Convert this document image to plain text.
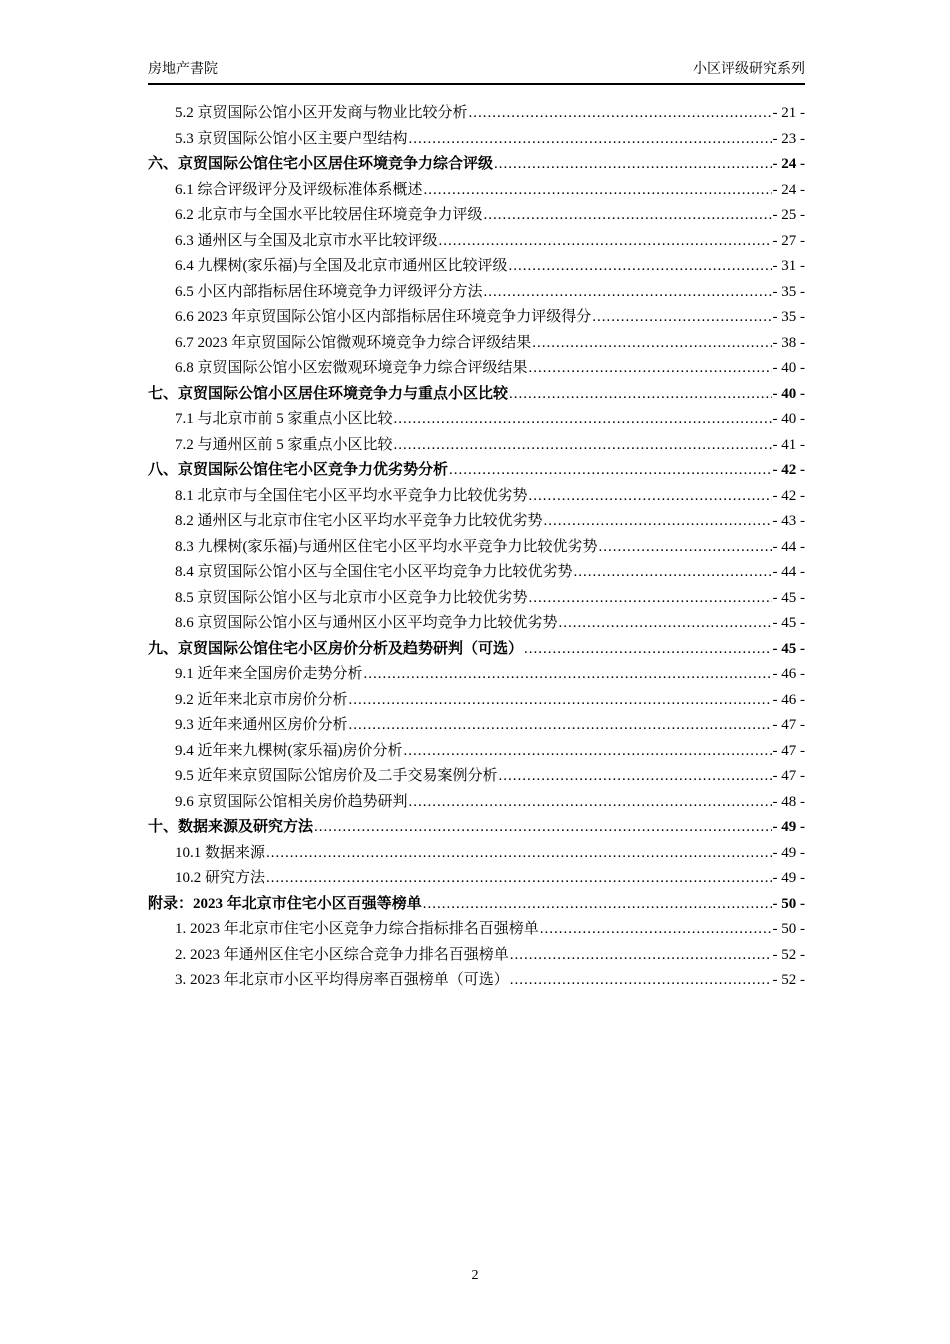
房地产書院	小区评级研究系列
5.2 京贸国际公馆小区开发商与物业比较分析 .....	- 21 -
5.3 京贸国际公馆小区主要户型结构 .....	- 23 -
六、京贸国际公馆住宅小区居住环境竞争力综合评级 .....	- 24 -
6.1 综合评级评分及评级标准体系概述 .....	- 24 -
6.2 北京市与全国水平比较居住环境竞争力评级 .....	- 25 -
6.3 通州区与全国及北京市水平比较评级 .....	- 27 -
6.4 九棵树(家乐福)与全国及北京市通州区比较评级 .....	- 31 -
6.5 小区内部指标居住环境竞争力评级评分方法 .....	- 35 -
6.6 2023 年京贸国际公馆小区内部指标居住环境竞争力评级得分 .....	- 35 -
6.7 2023 年京贸国际公馆微观环境竞争力综合评级结果 .....	- 38 -
6.8 京贸国际公馆小区宏微观环境竞争力综合评级结果 .....	- 40 -
七、京贸国际公馆小区居住环境竞争力与重点小区比较 .....	- 40 -
7.1 与北京市前 5 家重点小区比较 .....	- 40 -
7.2 与通州区前 5 家重点小区比较 .....	- 41 -
八、京贸国际公馆住宅小区竞争力优劣势分析 .....	- 42 -
8.1 北京市与全国住宅小区平均水平竞争力比较优劣势 .....	- 42 -
8.2 通州区与北京市住宅小区平均水平竞争力比较优劣势 .....	- 43 -
8.3 九棵树(家乐福)与通州区住宅小区平均水平竞争力比较优劣势 .....	- 44 -
8.4 京贸国际公馆小区与全国住宅小区平均竞争力比较优劣势 .....	- 44 -
8.5 京贸国际公馆小区与北京市小区竞争力比较优劣势 .....	- 45 -
8.6 京贸国际公馆小区与通州区小区平均竞争力比较优劣势 .....	- 45 -
九、京贸国际公馆住宅小区房价分析及趋势研判（可选） .....	- 45 -
9.1 近年来全国房价走势分析 .....	- 46 -
9.2 近年来北京市房价分析 .....	- 46 -
9.3 近年来通州区房价分析 .....	- 47 -
9.4 近年来九棵树(家乐福)房价分析 .....	- 47 -
9.5 近年来京贸国际公馆房价及二手交易案例分析 .....	- 47 -
9.6 京贸国际公馆相关房价趋势研判 .....	- 48 -
十、数据来源及研究方法 .....	- 49 -
10.1 数据来源 .....	- 49 -
10.2 研究方法 .....	- 49 -
附录：2023 年北京市住宅小区百强等榜单 .....	- 50 -
1. 2023 年北京市住宅小区竞争力综合指标排名百强榜单 .....	- 50 -
2. 2023 年通州区住宅小区综合竞争力排名百强榜单 .....	- 52 -
3. 2023 年北京市小区平均得房率百强榜单（可选） .....	- 52 -
2
